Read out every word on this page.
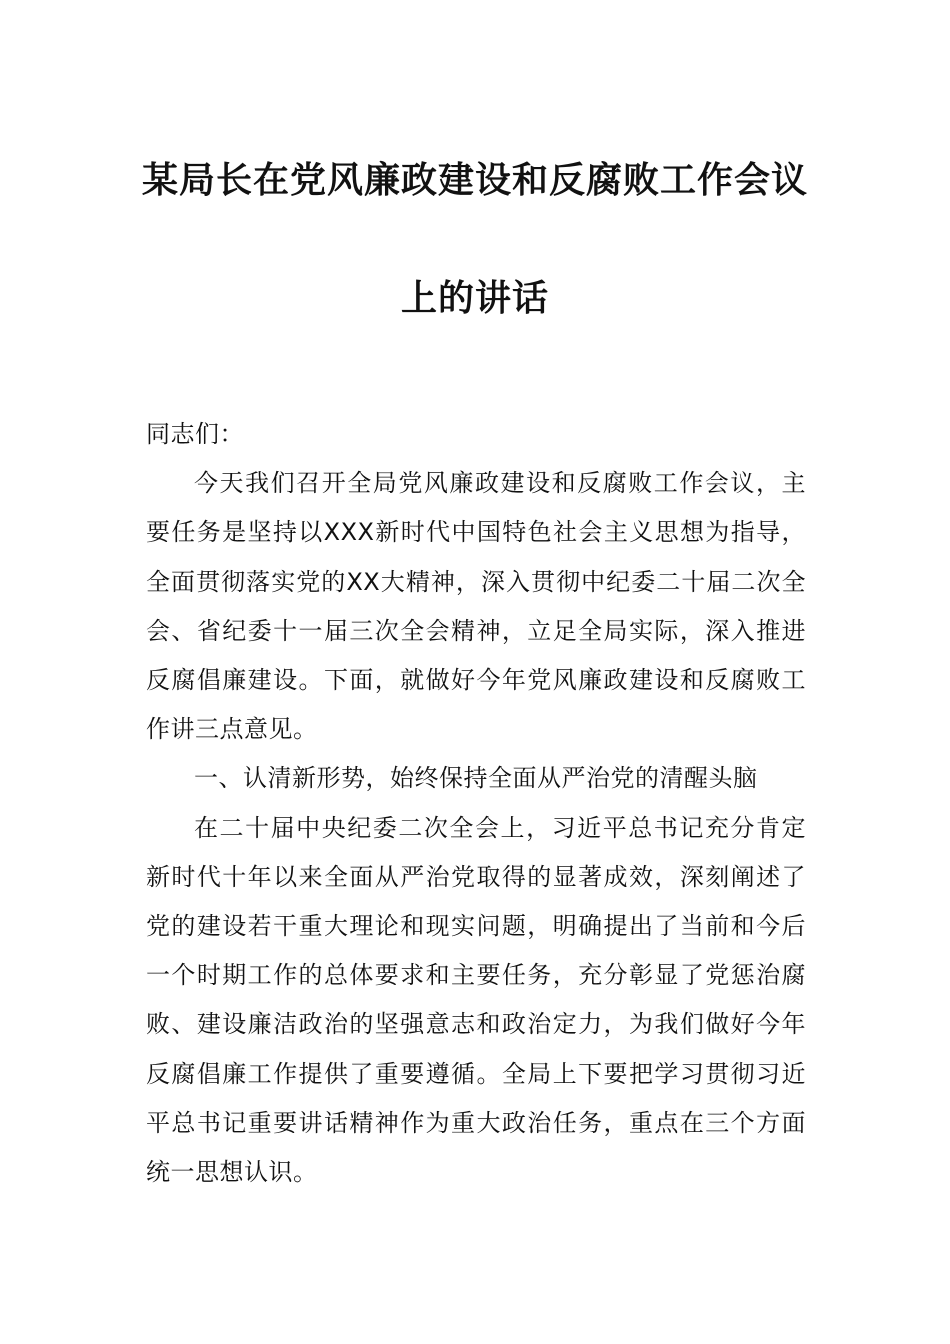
某局长在党风廉政建设和反腐败工作会议
上的讲话

同志们：

今天我们召开全局党风廉政建设和反腐败工作会议，主要任务是坚持以XXX新时代中国特色社会主义思想为指导，全面贯彻落实党的XX大精神，深入贯彻中纪委二十届二次全会、省纪委十一届三次全会精神，立足全局实际，深入推进反腐倡廉建设。下面，就做好今年党风廉政建设和反腐败工作讲三点意见。

一、认清新形势，始终保持全面从严治党的清醒头脑

在二十届中央纪委二次全会上，习近平总书记充分肯定新时代十年以来全面从严治党取得的显著成效，深刻阐述了党的建设若干重大理论和现实问题，明确提出了当前和今后一个时期工作的总体要求和主要任务，充分彰显了党惩治腐败、建设廉洁政治的坚强意志和政治定力，为我们做好今年反腐倡廉工作提供了重要遵循。全局上下要把学习贯彻习近平总书记重要讲话精神作为重大政治任务，重点在三个方面统一思想认识。
